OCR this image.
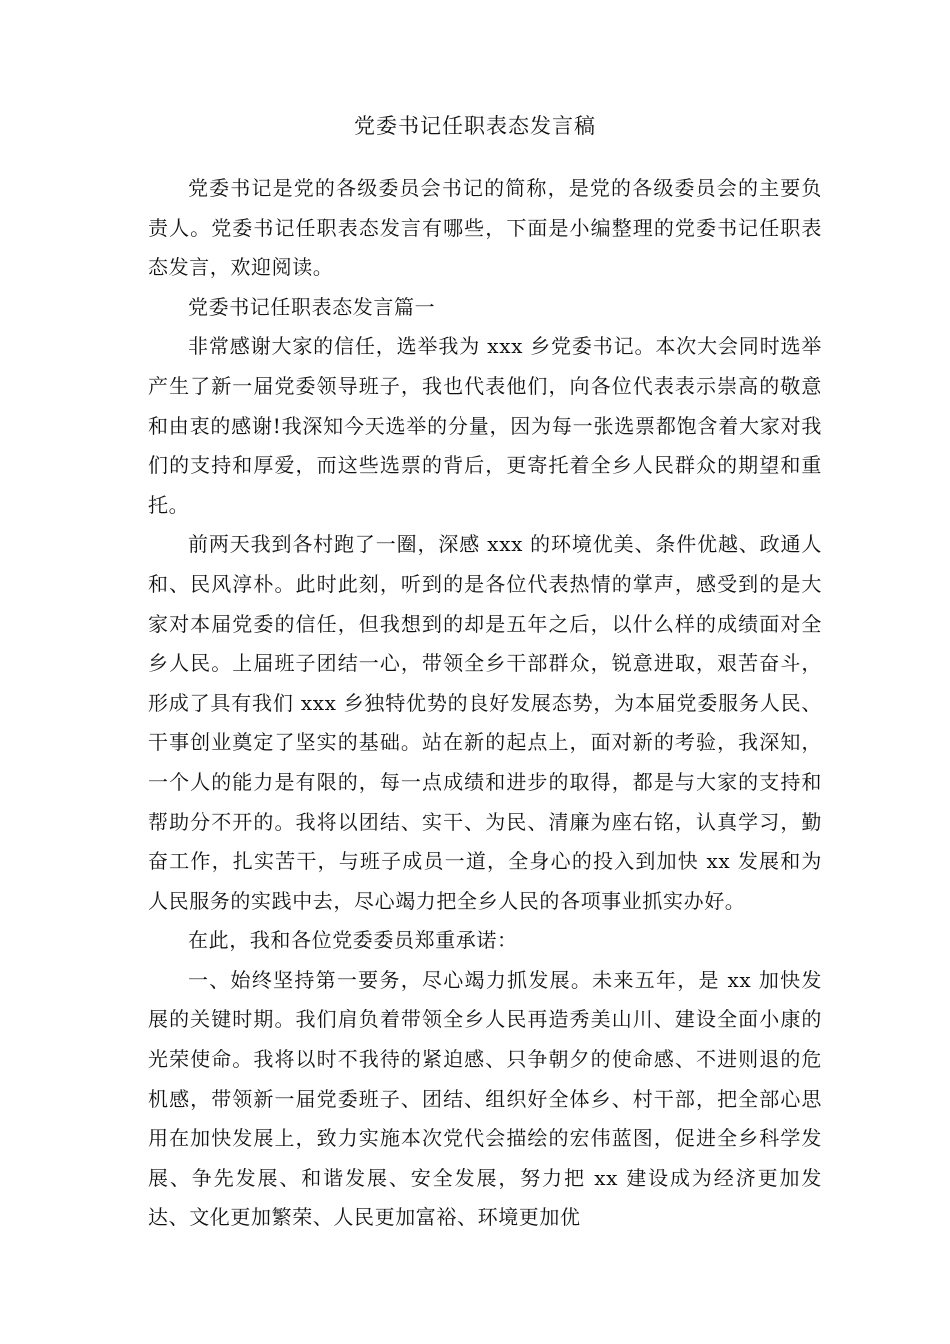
党委书记任职表态发言稿

党委书记是党的各级委员会书记的简称，是党的各级委员会的主要负责人。党委书记任职表态发言有哪些，下面是小编整理的党委书记任职表态发言，欢迎阅读。

党委书记任职表态发言篇一

非常感谢大家的信任，选举我为 xxx 乡党委书记。本次大会同时选举产生了新一届党委领导班子，我也代表他们，向各位代表表示崇高的敬意和由衷的感谢!我深知今天选举的分量，因为每一张选票都饱含着大家对我们的支持和厚爱，而这些选票的背后，更寄托着全乡人民群众的期望和重托。

前两天我到各村跑了一圈，深感 xxx 的环境优美、条件优越、政通人和、民风淳朴。此时此刻，听到的是各位代表热情的掌声，感受到的是大家对本届党委的信任，但我想到的却是五年之后，以什么样的成绩面对全乡人民。上届班子团结一心，带领全乡干部群众，锐意进取，艰苦奋斗，形成了具有我们 xxx 乡独特优势的良好发展态势，为本届党委服务人民、干事创业奠定了坚实的基础。站在新的起点上，面对新的考验，我深知，一个人的能力是有限的，每一点成绩和进步的取得，都是与大家的支持和帮助分不开的。我将以团结、实干、为民、清廉为座右铭，认真学习，勤奋工作，扎实苦干，与班子成员一道，全身心的投入到加快 xx 发展和为人民服务的实践中去，尽心竭力把全乡人民的各项事业抓实办好。

在此，我和各位党委委员郑重承诺：

一、始终坚持第一要务，尽心竭力抓发展。未来五年，是 xx 加快发展的关键时期。我们肩负着带领全乡人民再造秀美山川、建设全面小康的光荣使命。我将以时不我待的紧迫感、只争朝夕的使命感、不进则退的危机感，带领新一届党委班子、团结、组织好全体乡、村干部，把全部心思用在加快发展上，致力实施本次党代会描绘的宏伟蓝图，促进全乡科学发展、争先发展、和谐发展、安全发展，努力把 xx 建设成为经济更加发达、文化更加繁荣、人民更加富裕、环境更加优
